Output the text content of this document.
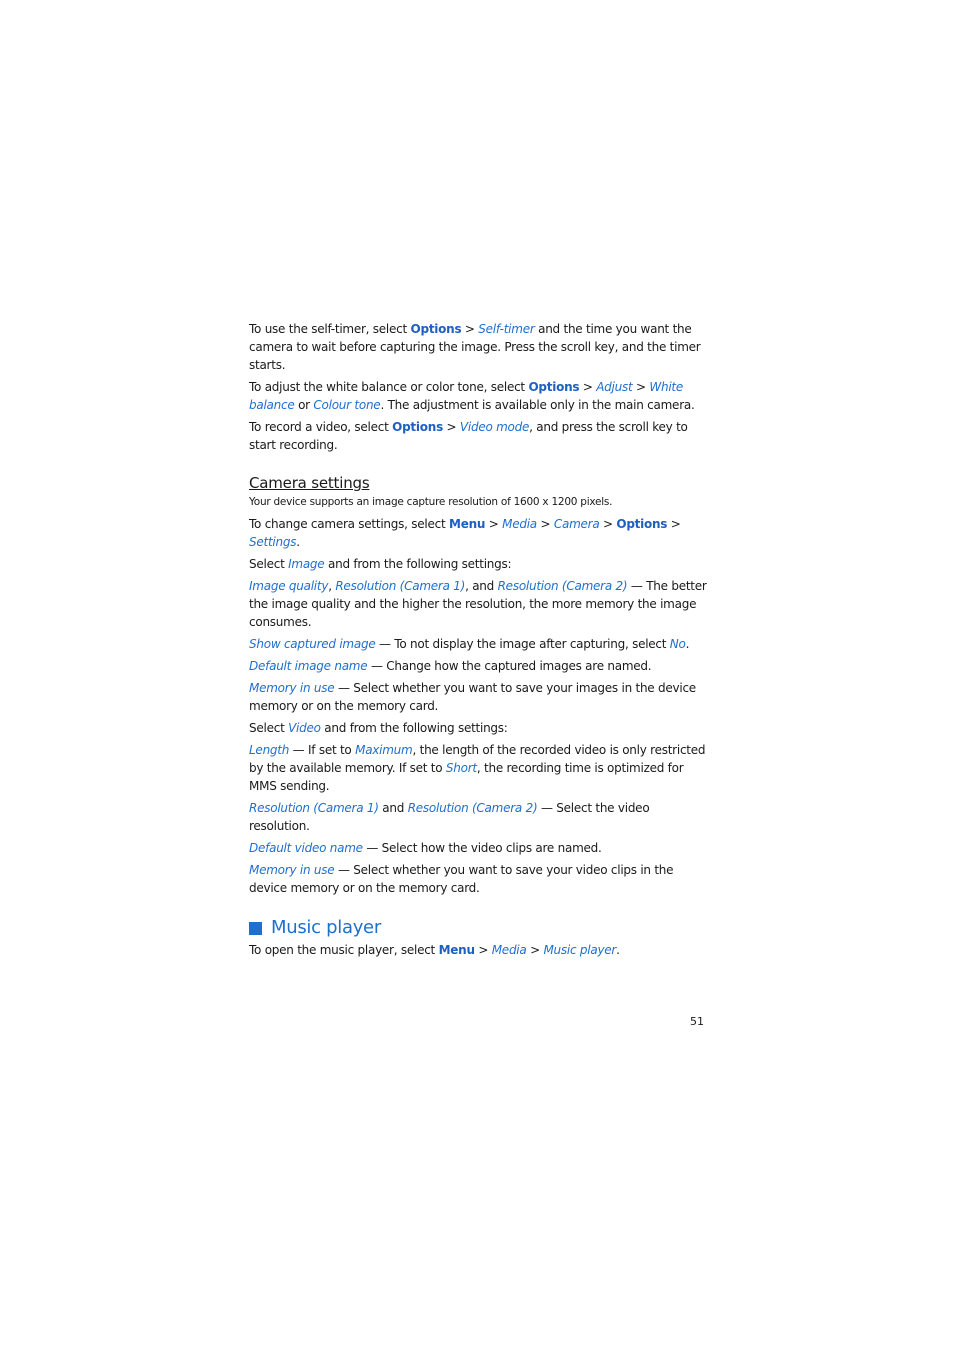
To use the self-timer, select Options > Self-timer and the time you want the camera to wait before capturing the image. Press the scroll key, and the timer starts.

To adjust the white balance or color tone, select Options > Adjust > White balance or Colour tone. The adjustment is available only in the main camera.

To record a video, select Options > Video mode, and press the scroll key to start recording.

Camera settings

Your device supports an image capture resolution of 1600 x 1200 pixels.

To change camera settings, select Menu > Media > Camera > Options > Settings.

Select Image and from the following settings:

Image quality, Resolution (Camera 1), and Resolution (Camera 2) — The better the image quality and the higher the resolution, the more memory the image consumes.

Show captured image — To not display the image after capturing, select No.

Default image name — Change how the captured images are named.

Memory in use — Select whether you want to save your images in the device memory or on the memory card.

Select Video and from the following settings:

Length — If set to Maximum, the length of the recorded video is only restricted by the available memory. If set to Short, the recording time is optimized for MMS sending.

Resolution (Camera 1) and Resolution (Camera 2) — Select the video resolution.

Default video name — Select how the video clips are named.

Memory in use — Select whether you want to save your video clips in the device memory or on the memory card.

Music player

To open the music player, select Menu > Media > Music player.

51
